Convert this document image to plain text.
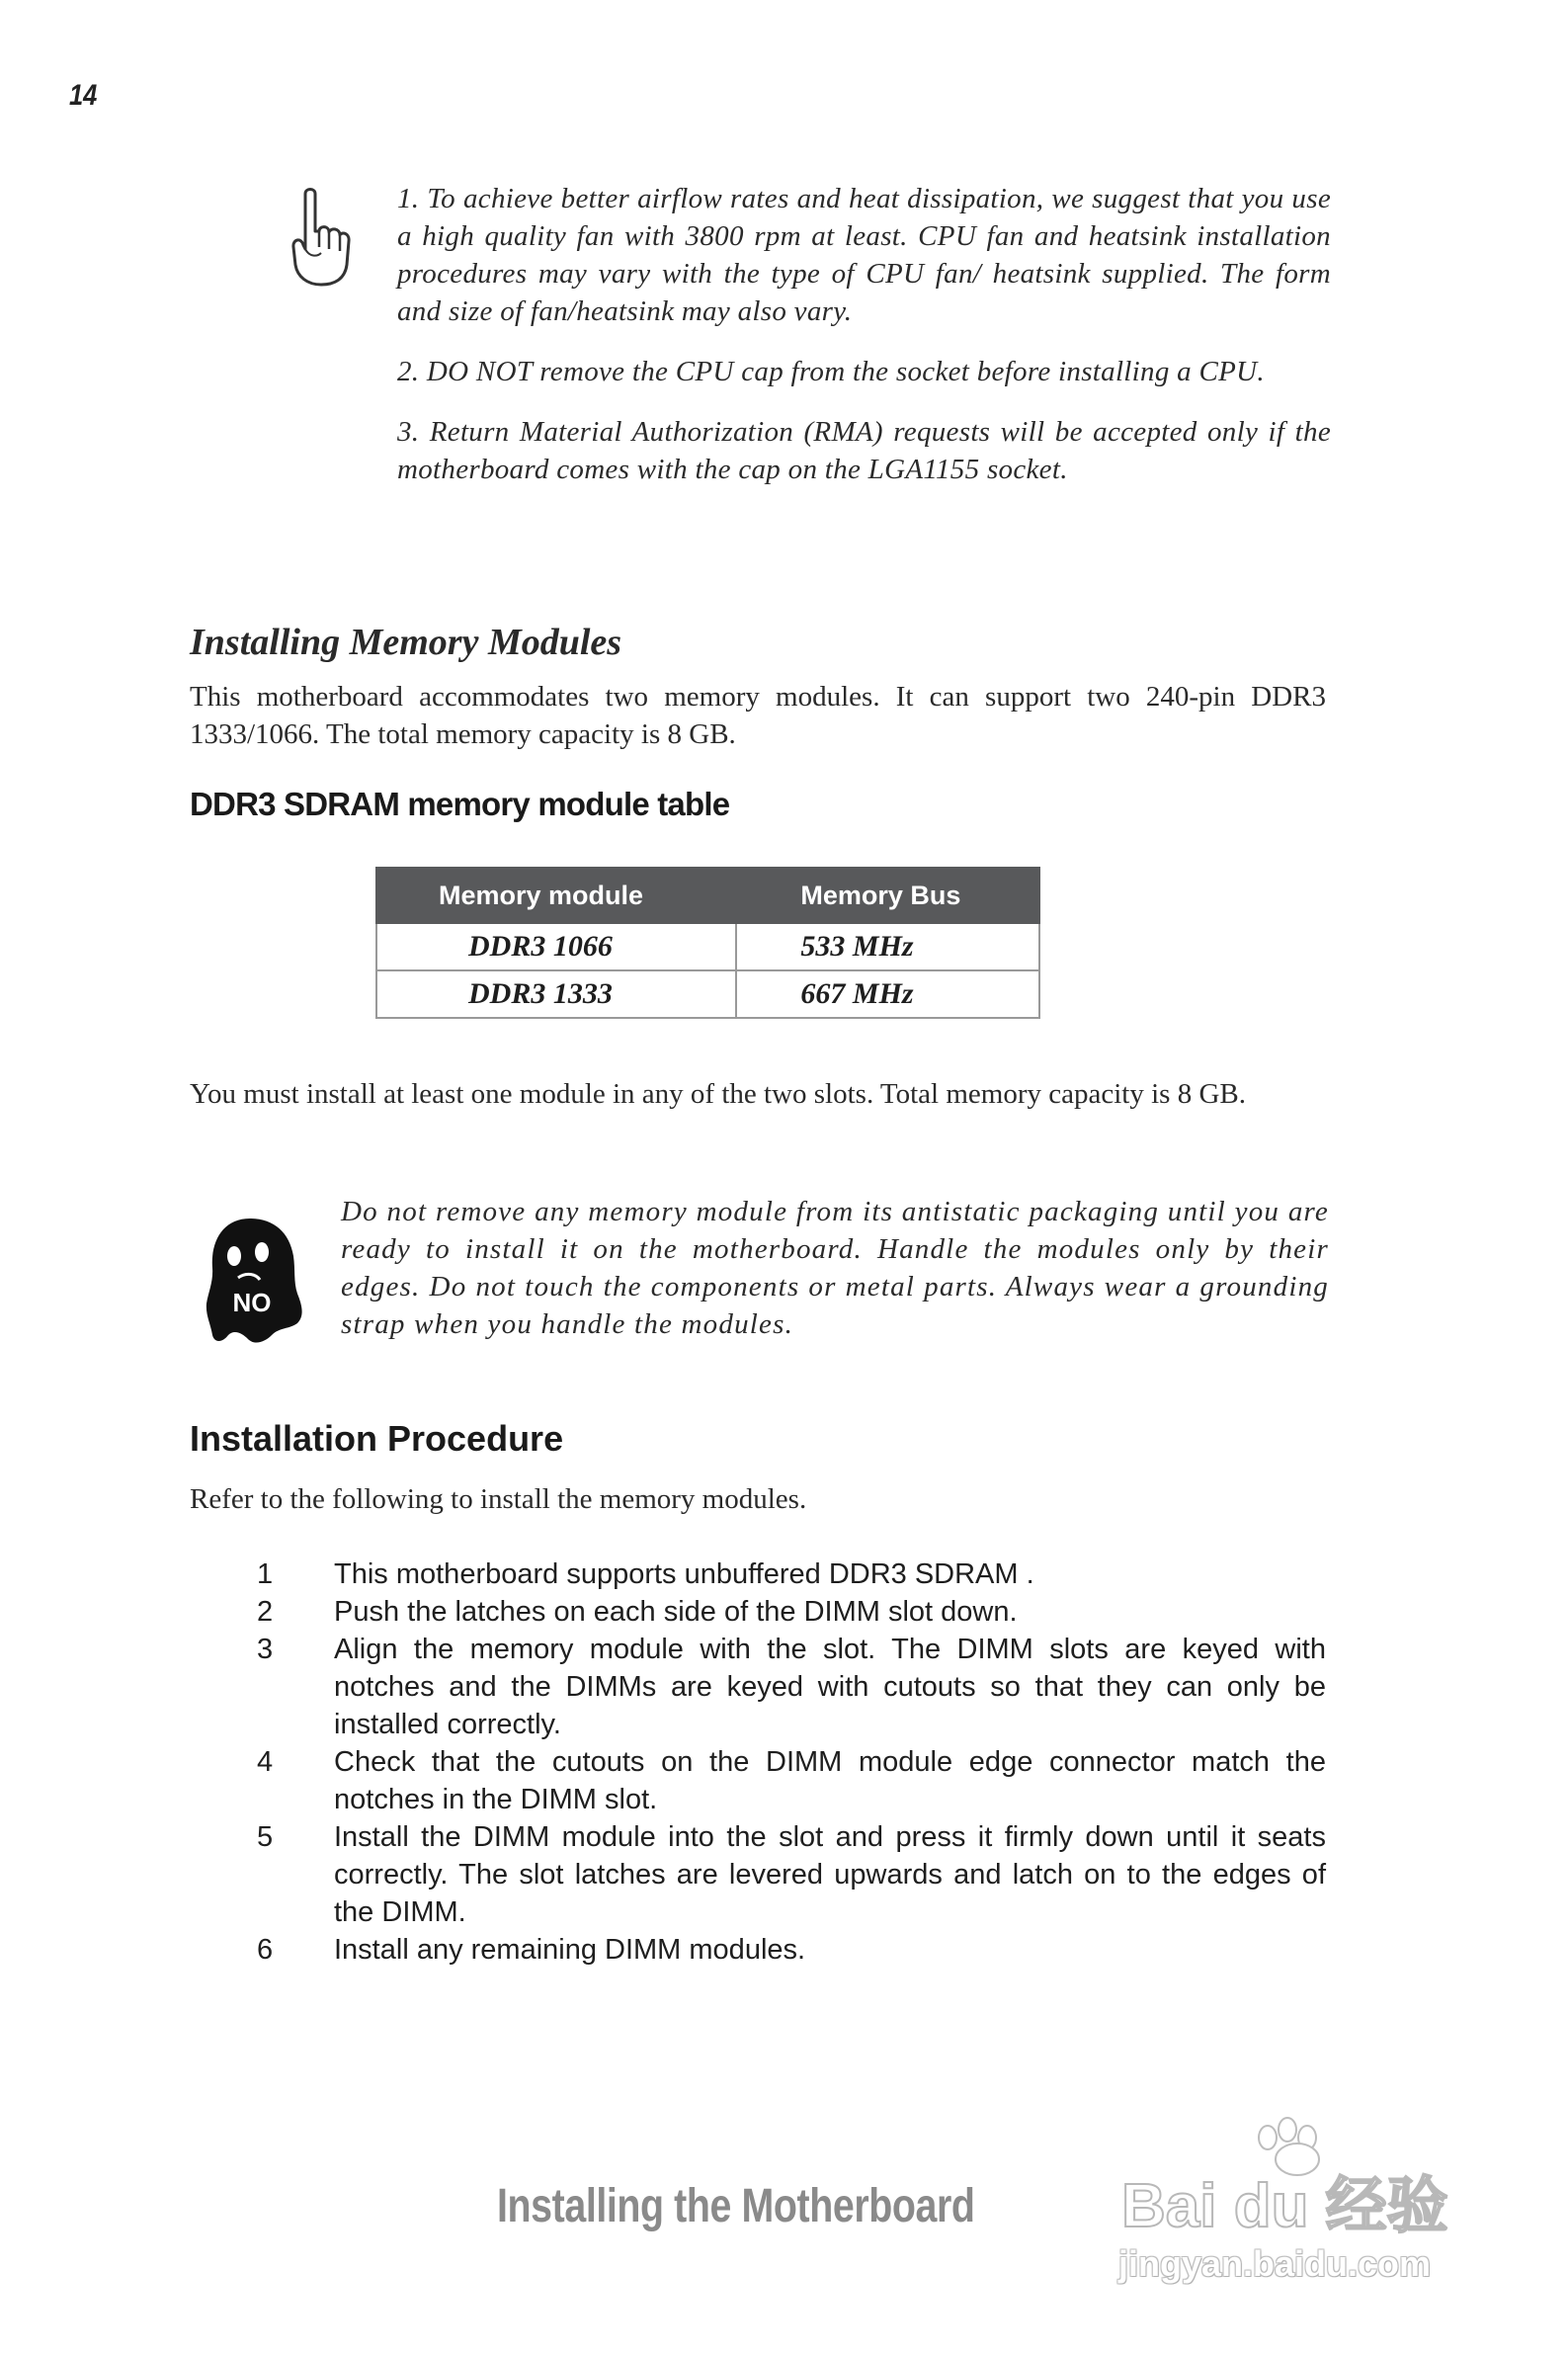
14

1. To achieve better airflow rates and heat dissipation, we suggest that you use a high quality fan with 3800 rpm at least. CPU fan and heatsink installation procedures may vary with the type of CPU fan/ heatsink supplied. The form and size of fan/heatsink may also vary.

2. DO NOT remove the CPU cap from the socket before installing a CPU.

3. Return Material Authorization (RMA) requests will be accepted only if the motherboard comes with the cap on the LGA1155 socket.

Installing Memory Modules

This motherboard accommodates two memory modules. It can support two 240-pin DDR3 1333/1066. The total memory capacity is 8 GB.

DDR3 SDRAM memory module table
Memory module	Memory Bus
DDR3 1066	533 MHz
DDR3 1333	667 MHz

You must install at least one module in any of the two slots. Total memory capacity is 8 GB.

NO

Do not remove any memory module from its antistatic packaging until you are ready to install it on the motherboard. Handle the modules only by their edges. Do not touch the components or metal parts. Always wear a grounding strap when you handle the modules.

Installation Procedure

Refer to the following to install the memory modules.

1	This motherboard supports unbuffered DDR3 SDRAM .
2	Push the latches on each side of the DIMM slot down.
3	Align the memory module with the slot. The DIMM slots are keyed with notches and the DIMMs are keyed with cutouts so that they can only be installed correctly.
4	Check that the cutouts on the DIMM module edge connector match the notches in the DIMM slot.
5	Install the DIMM module into the slot and press it firmly down until it seats correctly. The slot latches are levered upwards and latch on to the edges of the DIMM.
6	Install any remaining DIMM modules.
Installing the Motherboard Bai du 经验
jingyan.baidu.com
